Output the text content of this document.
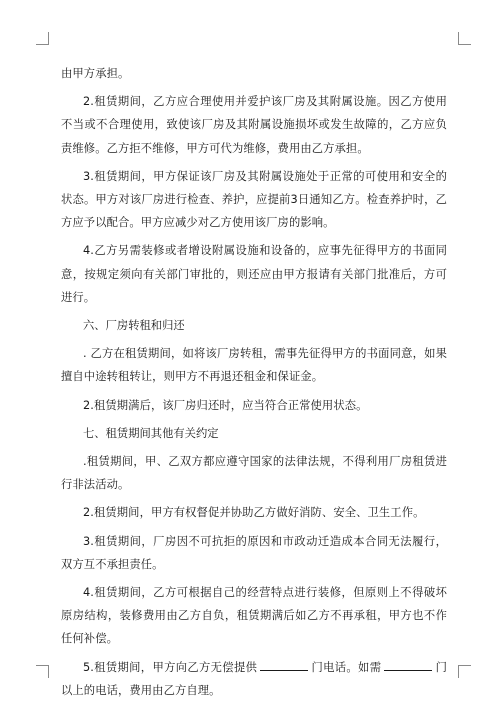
由甲方承担。

2.租赁期间，乙方应合理使用并爱护该厂房及其附属设施。因乙方使用不当或不合理使用，致使该厂房及其附属设施损坏或发生故障的，乙方应负责维修。乙方拒不维修，甲方可代为维修，费用由乙方承担。

3.租赁期间，甲方保证该厂房及其附属设施处于正常的可使用和安全的状态。甲方对该厂房进行检查、养护，应提前3日通知乙方。检查养护时，乙方应予以配合。甲方应减少对乙方使用该厂房的影响。

4.乙方另需装修或者增设附属设施和设备的，应事先征得甲方的书面同意，按规定须向有关部门审批的，则还应由甲方报请有关部门批准后，方可进行。

六、厂房转租和归还

. 乙方在租赁期间，如将该厂房转租，需事先征得甲方的书面同意，如果擅自中途转租转让，则甲方不再退还租金和保证金。

2.租赁期满后，该厂房归还时，应当符合正常使用状态。

七、租赁期间其他有关约定

.租赁期间，甲、乙双方都应遵守国家的法律法规，不得利用厂房租赁进行非法活动。

2.租赁期间，甲方有权督促并协助乙方做好消防、安全、卫生工作。

3.租赁期间，厂房因不可抗拒的原因和市政动迁造成本合同无法履行，双方互不承担责任。

4.租赁期间，乙方可根据自己的经营特点进行装修，但原则上不得破坏原房结构，装修费用由乙方自负，租赁期满后如乙方不再承租，甲方也不作任何补偿。

5.租赁期间，甲方向乙方无偿提供	门电话。如需	门以上的电话，费用由乙方自理。
